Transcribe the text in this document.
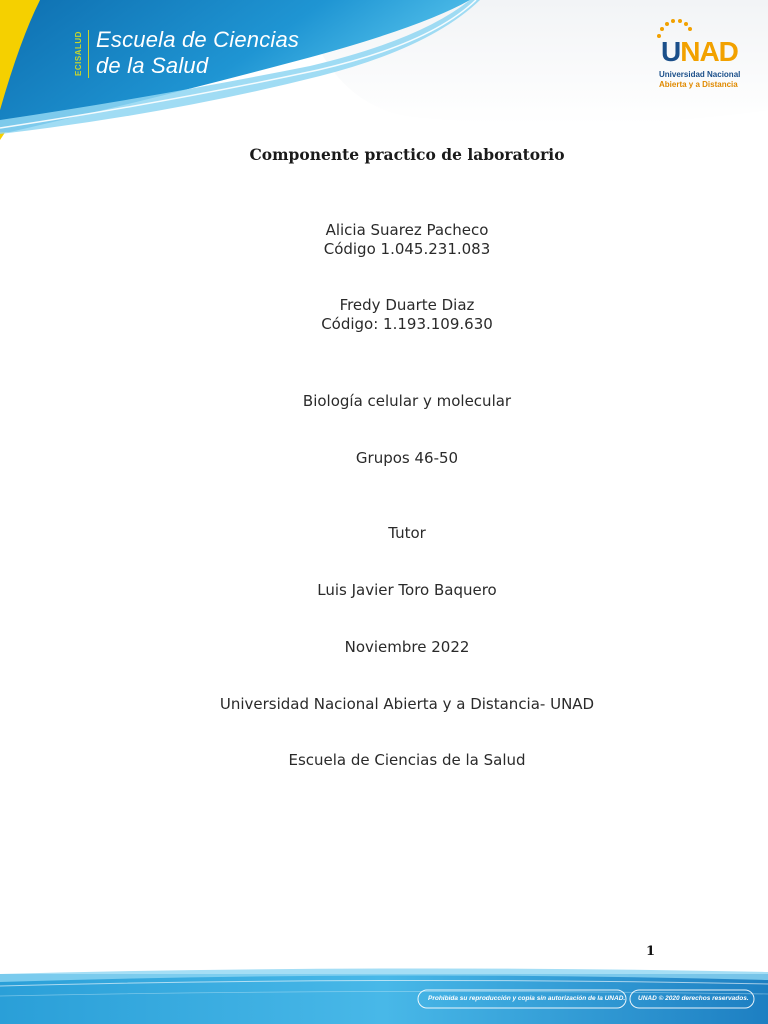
ECISALUD Escuela de Ciencias
de la Salud	UNAD
Universidad Nacional
Abierta y a Distancia
Componente practico de laboratorio
Alicia Suarez Pacheco
Código 1.045.231.083
Fredy Duarte Diaz
Código: 1.193.109.630
Biología celular y molecular
Grupos 46-50
Tutor
Luis Javier Toro Baquero
Noviembre 2022
Universidad Nacional Abierta y a Distancia- UNAD
Escuela de Ciencias de la Salud
1
Prohibida su reproducción y copia sin autorización de la UNAD. UNAD © 2020 derechos reservados.
